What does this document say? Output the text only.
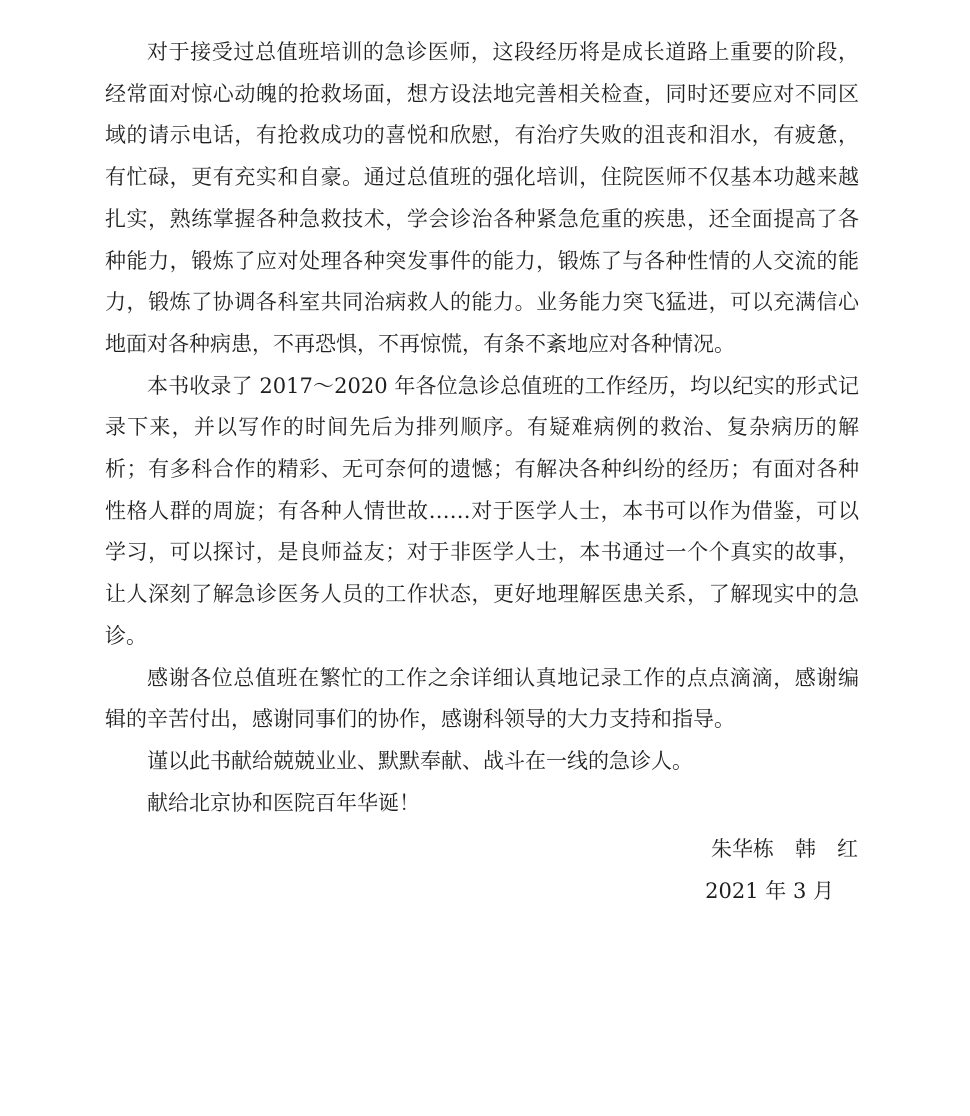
对于接受过总值班培训的急诊医师，这段经历将是成长道路上重要的阶段，经常面对惊心动魄的抢救场面，想方设法地完善相关检查，同时还要应对不同区域的请示电话，有抢救成功的喜悦和欣慰，有治疗失败的沮丧和泪水，有疲惫，有忙碌，更有充实和自豪。通过总值班的强化培训，住院医师不仅基本功越来越扎实，熟练掌握各种急救技术，学会诊治各种紧急危重的疾患，还全面提高了各种能力，锻炼了应对处理各种突发事件的能力，锻炼了与各种性情的人交流的能力，锻炼了协调各科室共同治病救人的能力。业务能力突飞猛进，可以充满信心地面对各种病患，不再恐惧，不再惊慌，有条不紊地应对各种情况。

本书收录了 2017～2020 年各位急诊总值班的工作经历，均以纪实的形式记录下来，并以写作的时间先后为排列顺序。有疑难病例的救治、复杂病历的解析；有多科合作的精彩、无可奈何的遗憾；有解决各种纠纷的经历；有面对各种性格人群的周旋；有各种人情世故……对于医学人士，本书可以作为借鉴，可以学习，可以探讨，是良师益友；对于非医学人士，本书通过一个个真实的故事，让人深刻了解急诊医务人员的工作状态，更好地理解医患关系，了解现实中的急诊。

感谢各位总值班在繁忙的工作之余详细认真地记录工作的点点滴滴，感谢编辑的辛苦付出，感谢同事们的协作，感谢科领导的大力支持和指导。

谨以此书献给兢兢业业、默默奉献、战斗在一线的急诊人。

献给北京协和医院百年华诞！

朱华栋　韩　红
2021 年 3 月
